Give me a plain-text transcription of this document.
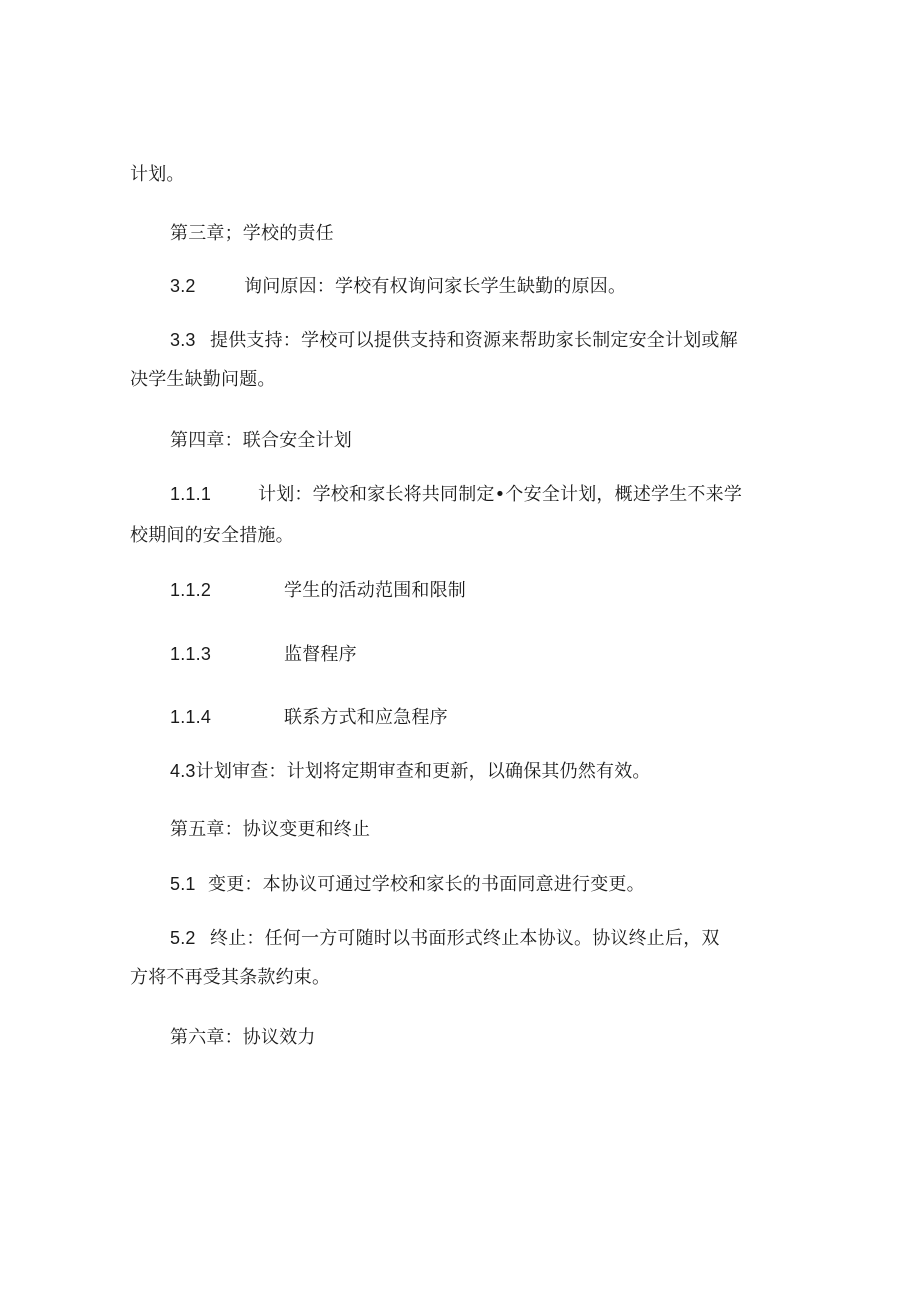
计划。
第三章；学校的责任
3.2	询问原因：学校有权询问家长学生缺勤的原因。
3.3 提供支持：学校可以提供支持和资源来帮助家长制定安全计划或解
决学生缺勤问题。
第四章：联合安全计划
1.1.1	计划：学校和家长将共同制定•个安全计划，概述学生不来学
校期间的安全措施。
1.1.2	学生的活动范围和限制
1.1.3	监督程序
1.1.4	联系方式和应急程序
4.3计划审查：计划将定期审查和更新，以确保其仍然有效。
第五章：协议变更和终止
5.1 变更：本协议可通过学校和家长的书面同意进行变更。
5.2 终止：任何一方可随时以书面形式终止本协议。协议终止后，双
方将不再受其条款约束。
第六章：协议效力
